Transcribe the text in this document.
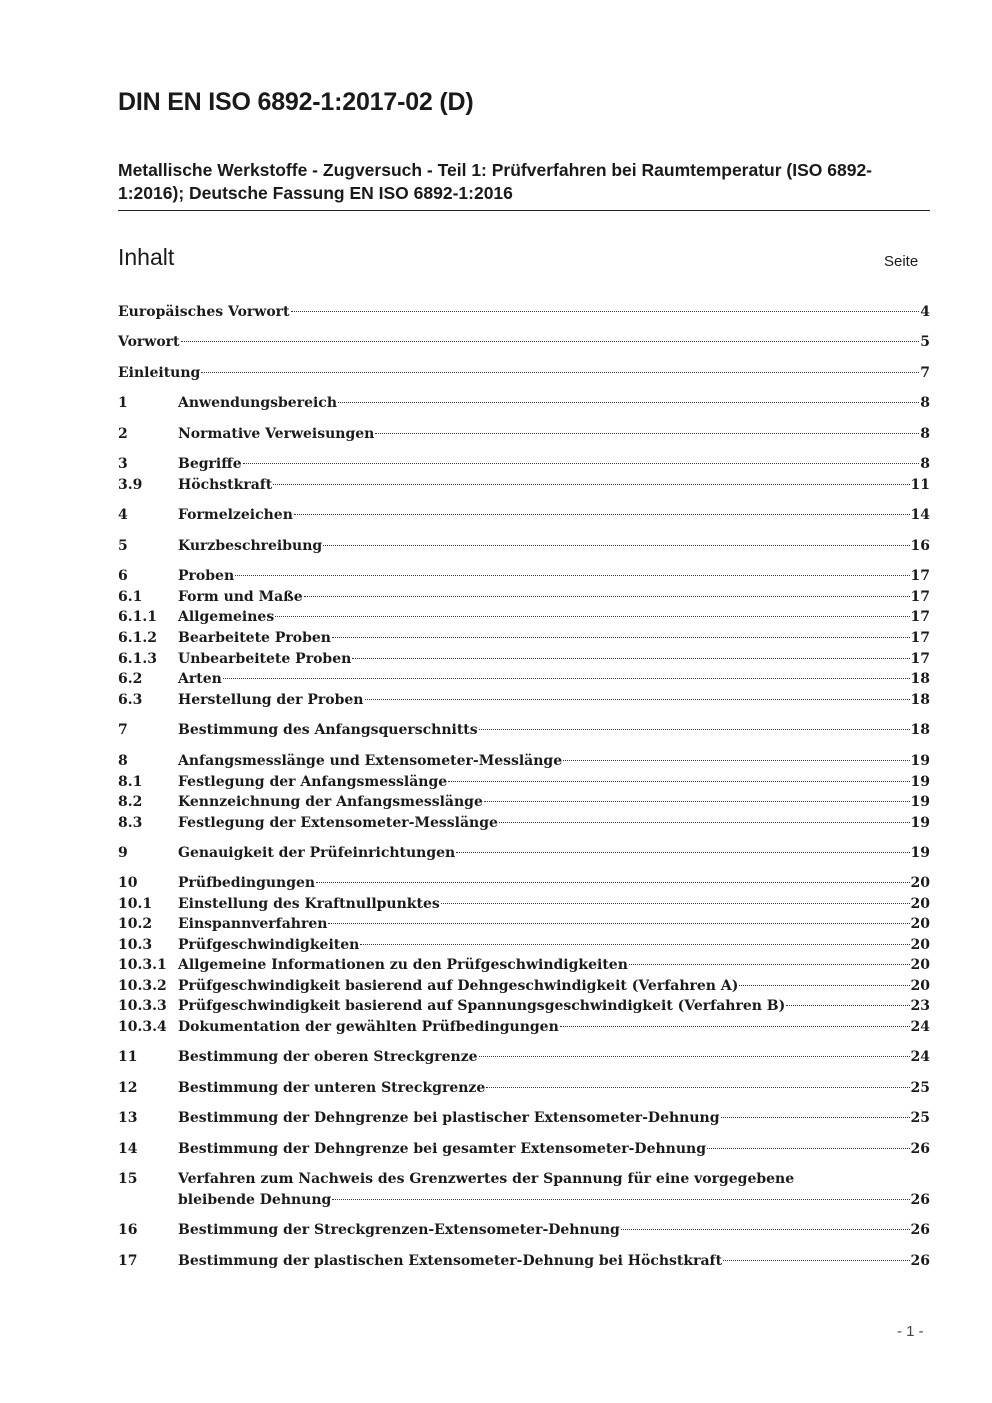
DIN EN ISO 6892-1:2017-02 (D)
Metallische Werkstoffe - Zugversuch - Teil 1: Prüfverfahren bei Raumtemperatur (ISO 6892-1:2016); Deutsche Fassung EN ISO 6892-1:2016
Inhalt	Seite
Europäisches Vorwort	4
Vorwort	5
Einleitung	7
1	Anwendungsbereich	8
2	Normative Verweisungen	8
3	Begriffe	8
3.9	Höchstkraft	11
4	Formelzeichen	14
5	Kurzbeschreibung	16
6	Proben	17
6.1	Form und Maße	17
6.1.1 Allgemeines	17
6.1.2 Bearbeitete Proben	17
6.1.3 Unbearbeitete Proben	17
6.2	Arten	18
6.3	Herstellung der Proben	18
7	Bestimmung des Anfangsquerschnitts	18
8	Anfangsmesslänge und Extensometer-Messlänge	19
8.1	Festlegung der Anfangsmesslänge	19
8.2	Kennzeichnung der Anfangsmesslänge	19
8.3	Festlegung der Extensometer-Messlänge	19
9	Genauigkeit der Prüfeinrichtungen	19
10	Prüfbedingungen	20
10.1 Einstellung des Kraftnullpunktes	20
10.2 Einspannverfahren	20
10.3 Prüfgeschwindigkeiten	20
10.3.1 Allgemeine Informationen zu den Prüfgeschwindigkeiten	20
10.3.2 Prüfgeschwindigkeit basierend auf Dehngeschwindigkeit (Verfahren A)	20
10.3.3 Prüfgeschwindigkeit basierend auf Spannungsgeschwindigkeit (Verfahren B)	23
10.3.4 Dokumentation der gewählten Prüfbedingungen	24
11	Bestimmung der oberen Streckgrenze	24
12	Bestimmung der unteren Streckgrenze	25
13	Bestimmung der Dehngrenze bei plastischer Extensometer-Dehnung	25
14	Bestimmung der Dehngrenze bei gesamter Extensometer-Dehnung	26
15	Verfahren zum Nachweis des Grenzwertes der Spannung für eine vorgegebene
bleibende Dehnung	26
16	Bestimmung der Streckgrenzen-Extensometer-Dehnung	26
17	Bestimmung der plastischen Extensometer-Dehnung bei Höchstkraft	26
- 1 -
